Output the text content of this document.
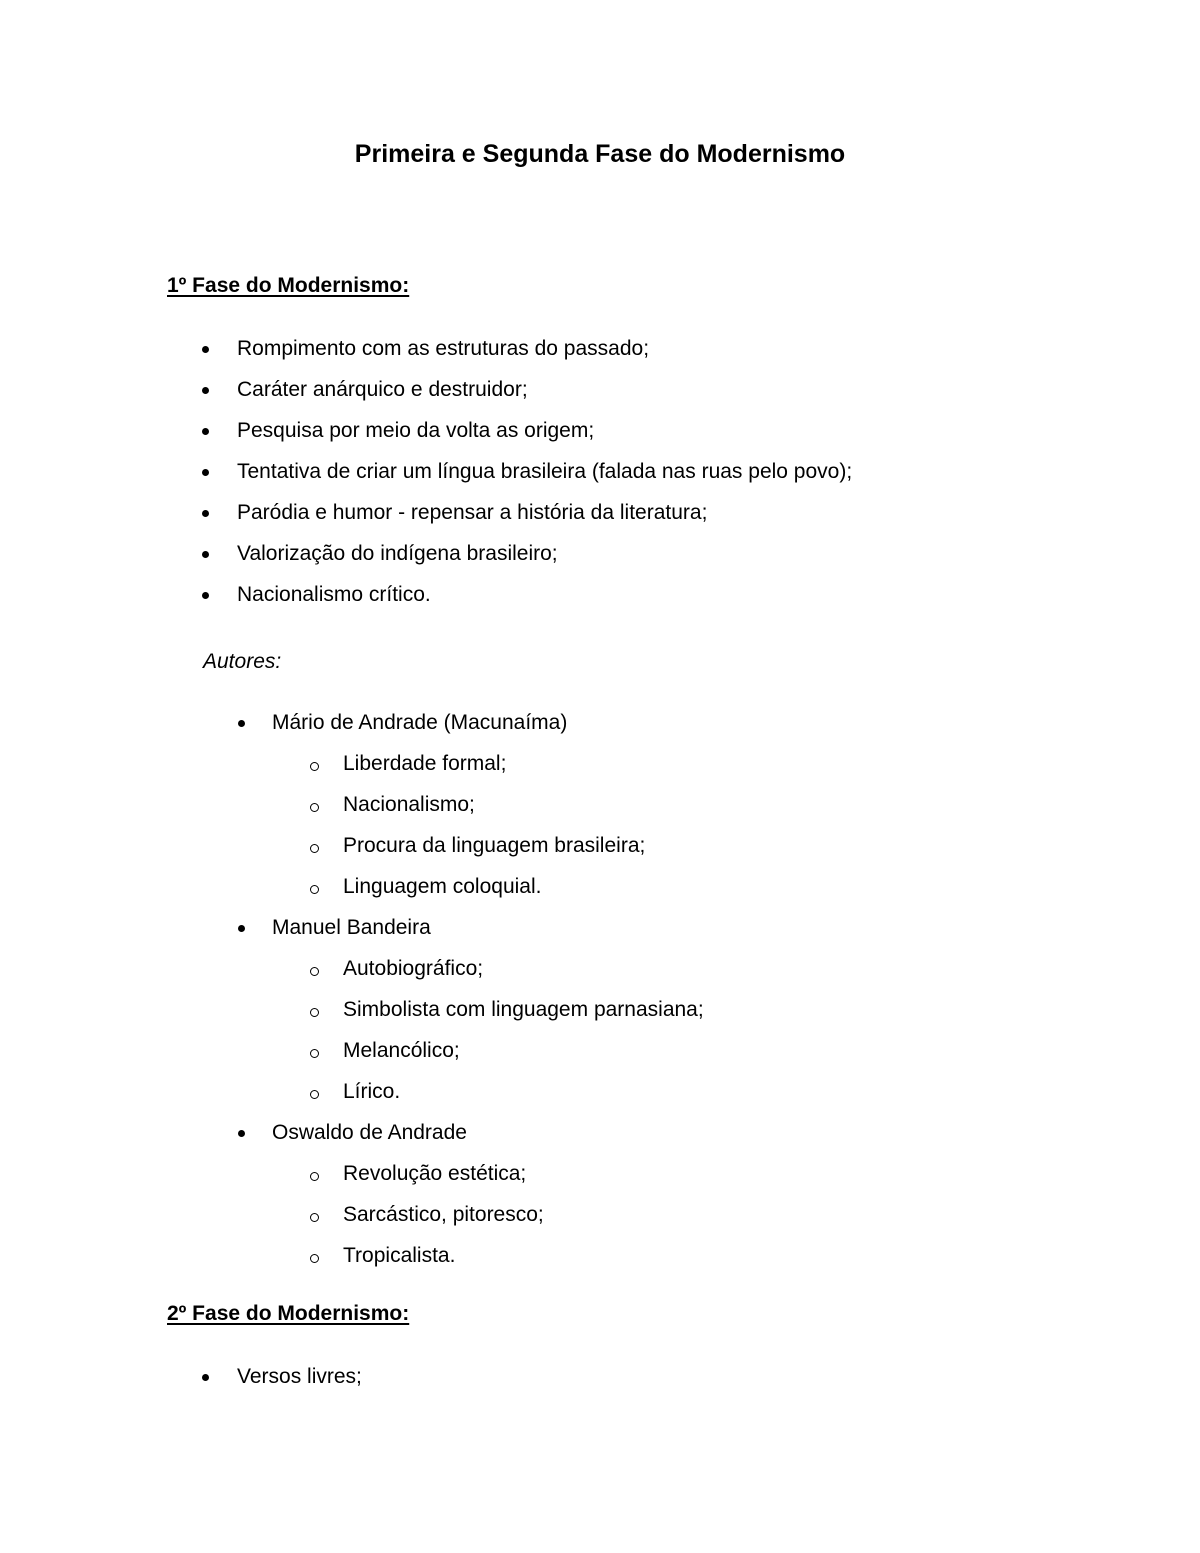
Primeira e Segunda Fase do Modernismo
1º Fase do Modernismo:
Rompimento com as estruturas do passado;
Caráter anárquico e destruidor;
Pesquisa por meio da volta as origem;
Tentativa de criar um língua brasileira (falada nas ruas pelo povo);
Paródia e humor - repensar a história da literatura;
Valorização do indígena brasileiro;
Nacionalismo crítico.

Autores:

Mário de Andrade (Macunaíma)
Liberdade formal;
Nacionalismo;
Procura da linguagem brasileira;
Linguagem coloquial.
Manuel Bandeira
Autobiográfico;
Simbolista com linguagem parnasiana;
Melancólico;
Lírico.
Oswaldo de Andrade
Revolução estética;
Sarcástico, pitoresco;
Tropicalista.
2º Fase do Modernismo:
Versos livres;
